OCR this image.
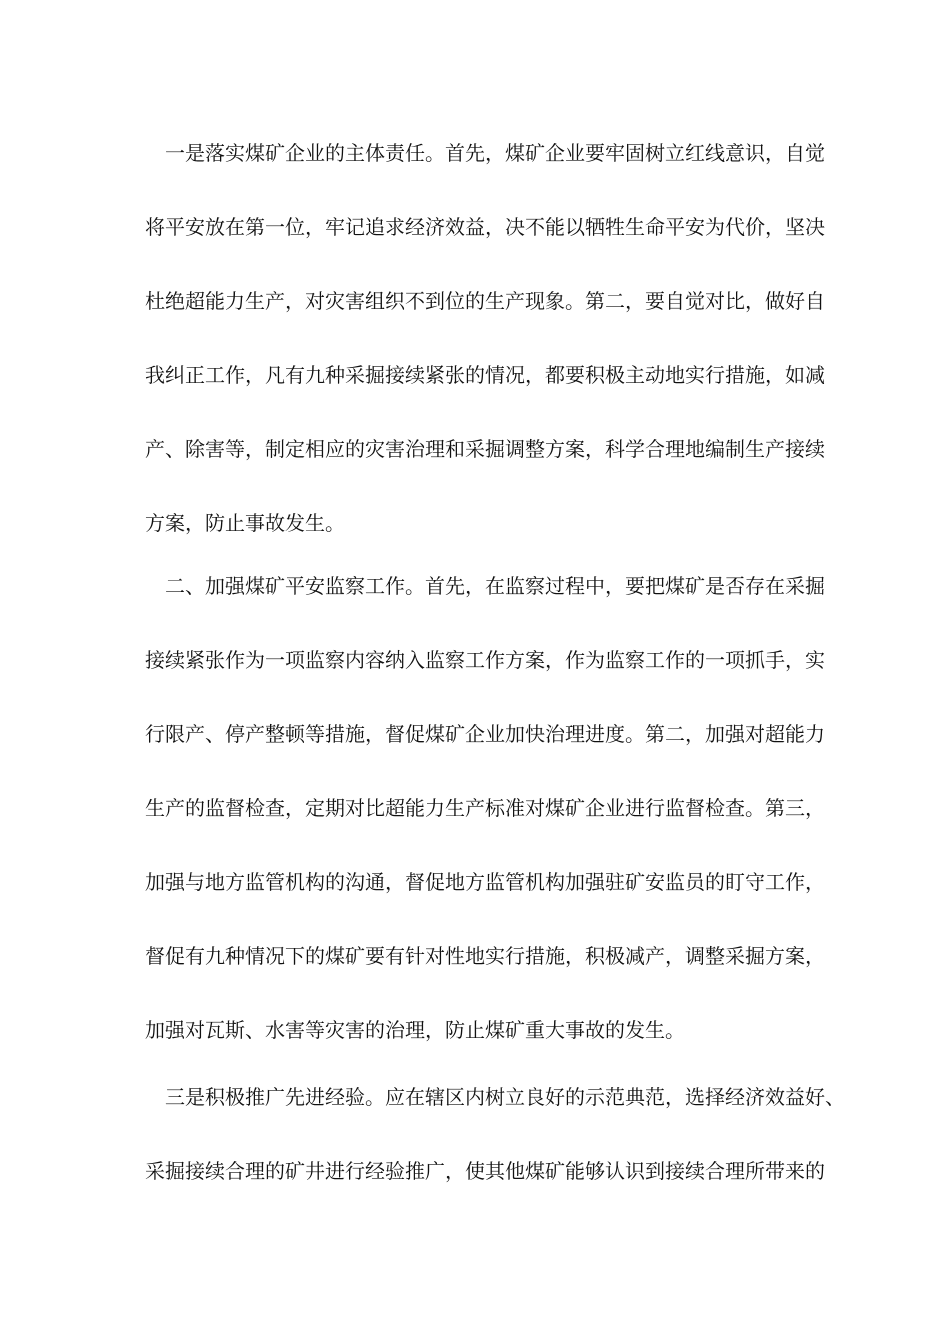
　一是落实煤矿企业的主体责任。首先，煤矿企业要牢固树立红线意识，自觉
将平安放在第一位，牢记追求经济效益，决不能以牺牲生命平安为代价，坚决
杜绝超能力生产，对灾害组织不到位的生产现象。第二，要自觉对比，做好自
我纠正工作，凡有九种采掘接续紧张的情况，都要积极主动地实行措施，如减
产、除害等，制定相应的灾害治理和采掘调整方案，科学合理地编制生产接续
方案，防止事故发生。
　二、加强煤矿平安监察工作。首先，在监察过程中，要把煤矿是否存在采掘
接续紧张作为一项监察内容纳入监察工作方案，作为监察工作的一项抓手，实
行限产、停产整顿等措施，督促煤矿企业加快治理进度。第二，加强对超能力
生产的监督检查，定期对比超能力生产标准对煤矿企业进行监督检查。第三，
加强与地方监管机构的沟通，督促地方监管机构加强驻矿安监员的盯守工作，
督促有九种情况下的煤矿要有针对性地实行措施，积极减产，调整采掘方案，
加强对瓦斯、水害等灾害的治理，防止煤矿重大事故的发生。
　三是积极推广先进经验。应在辖区内树立良好的示范典范，选择经济效益好、
采掘接续合理的矿井进行经验推广，使其他煤矿能够认识到接续合理所带来的
